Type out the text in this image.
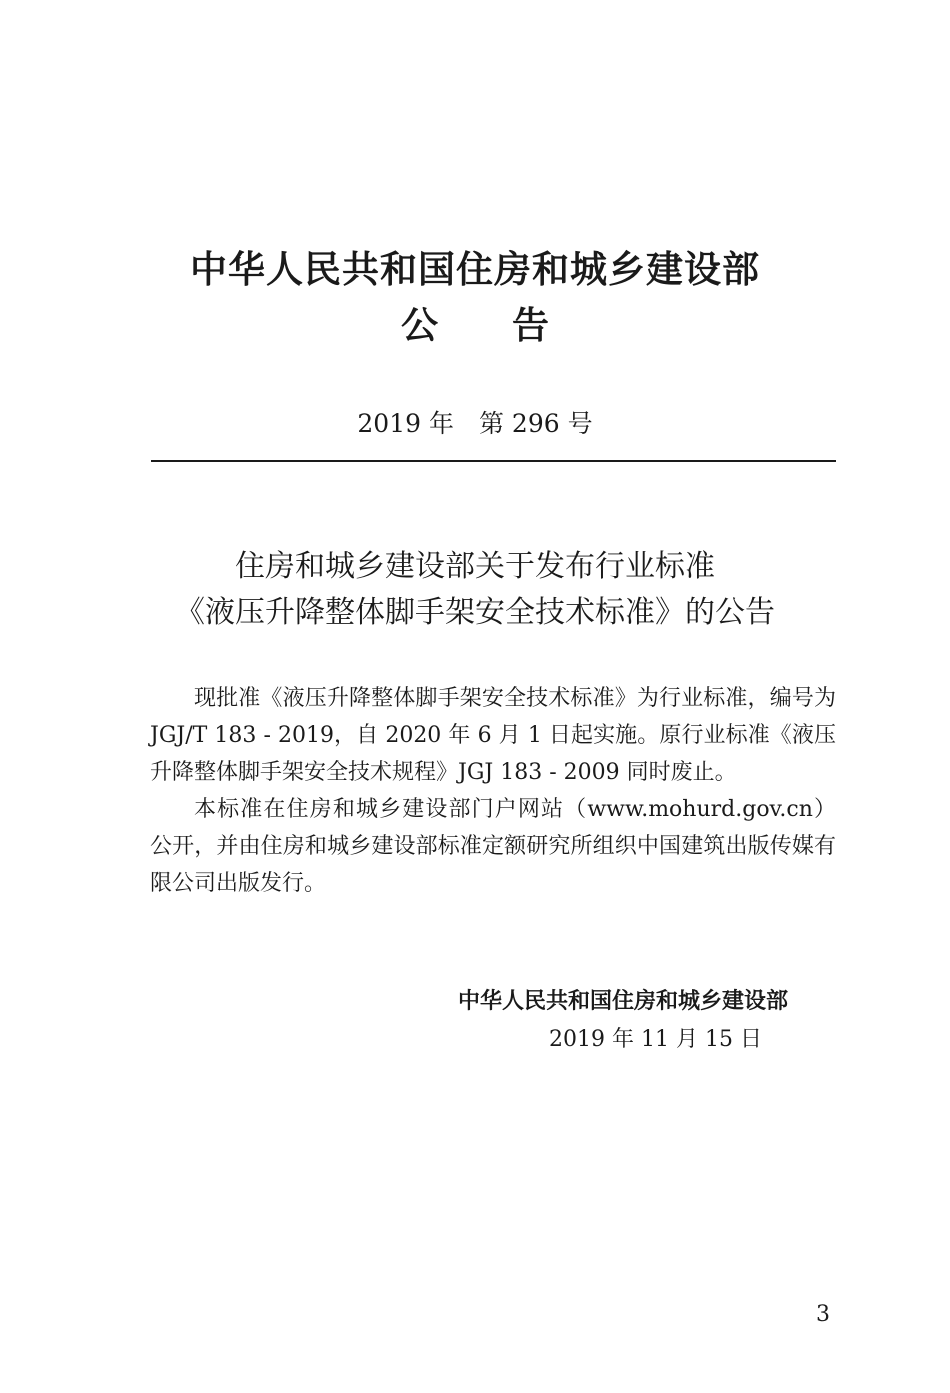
中华人民共和国住房和城乡建设部
公告
2019 年　第 296 号
住房和城乡建设部关于发布行业标准
《液压升降整体脚手架安全技术标准》的公告

现批准《液压升降整体脚手架安全技术标准》为行业标准，编号为 JGJ/T 183 - 2019，自 2020 年 6 月 1 日起实施。原行业标准《液压升降整体脚手架安全技术规程》JGJ 183 - 2009 同时废止。

本标准在住房和城乡建设部门户网站（www.mohurd.gov.cn）公开，并由住房和城乡建设部标准定额研究所组织中国建筑出版传媒有限公司出版发行。

中华人民共和国住房和城乡建设部
2019 年 11 月 15 日
3
